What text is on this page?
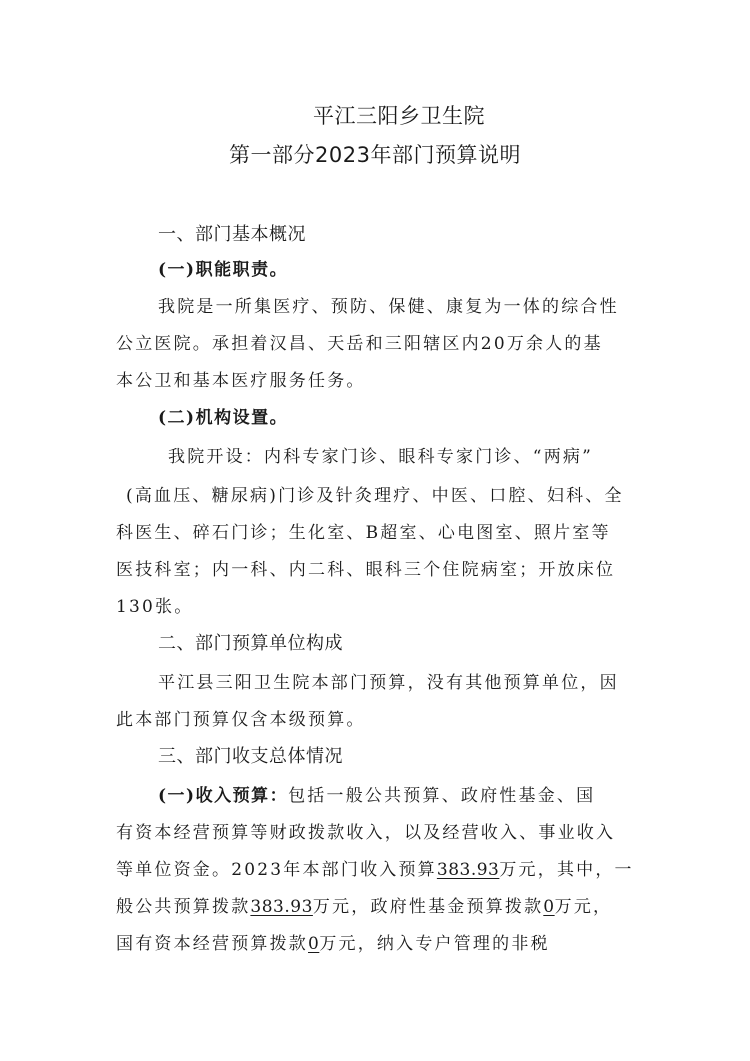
平江三阳乡卫生院
第一部分2023年部门预算说明
一、部门基本概况
(一)职能职责。
我院是一所集医疗、预防、保健、康复为一体的综合性
公立医院。承担着汉昌、天岳和三阳辖区内20万余人的基
本公卫和基本医疗服务任务。
(二)机构设置。
我院开设：内科专家门诊、眼科专家门诊、“两病”
(高血压、糖尿病)门诊及针灸理疗、中医、口腔、妇科、全
科医生、碎石门诊；生化室、B超室、心电图室、照片室等
医技科室；内一科、内二科、眼科三个住院病室；开放床位
130张。
二、部门预算单位构成
平江县三阳卫生院本部门预算，没有其他预算单位，因
此本部门预算仅含本级预算。
三、部门收支总体情况
(一)收入预算：包括一般公共预算、政府性基金、国
有资本经营预算等财政拨款收入，以及经营收入、事业收入
等单位资金。2023年本部门收入预算383.93万元，其中，一
般公共预算拨款383.93万元，政府性基金预算拨款0万元，
国有资本经营预算拨款0万元，纳入专户管理的非税
